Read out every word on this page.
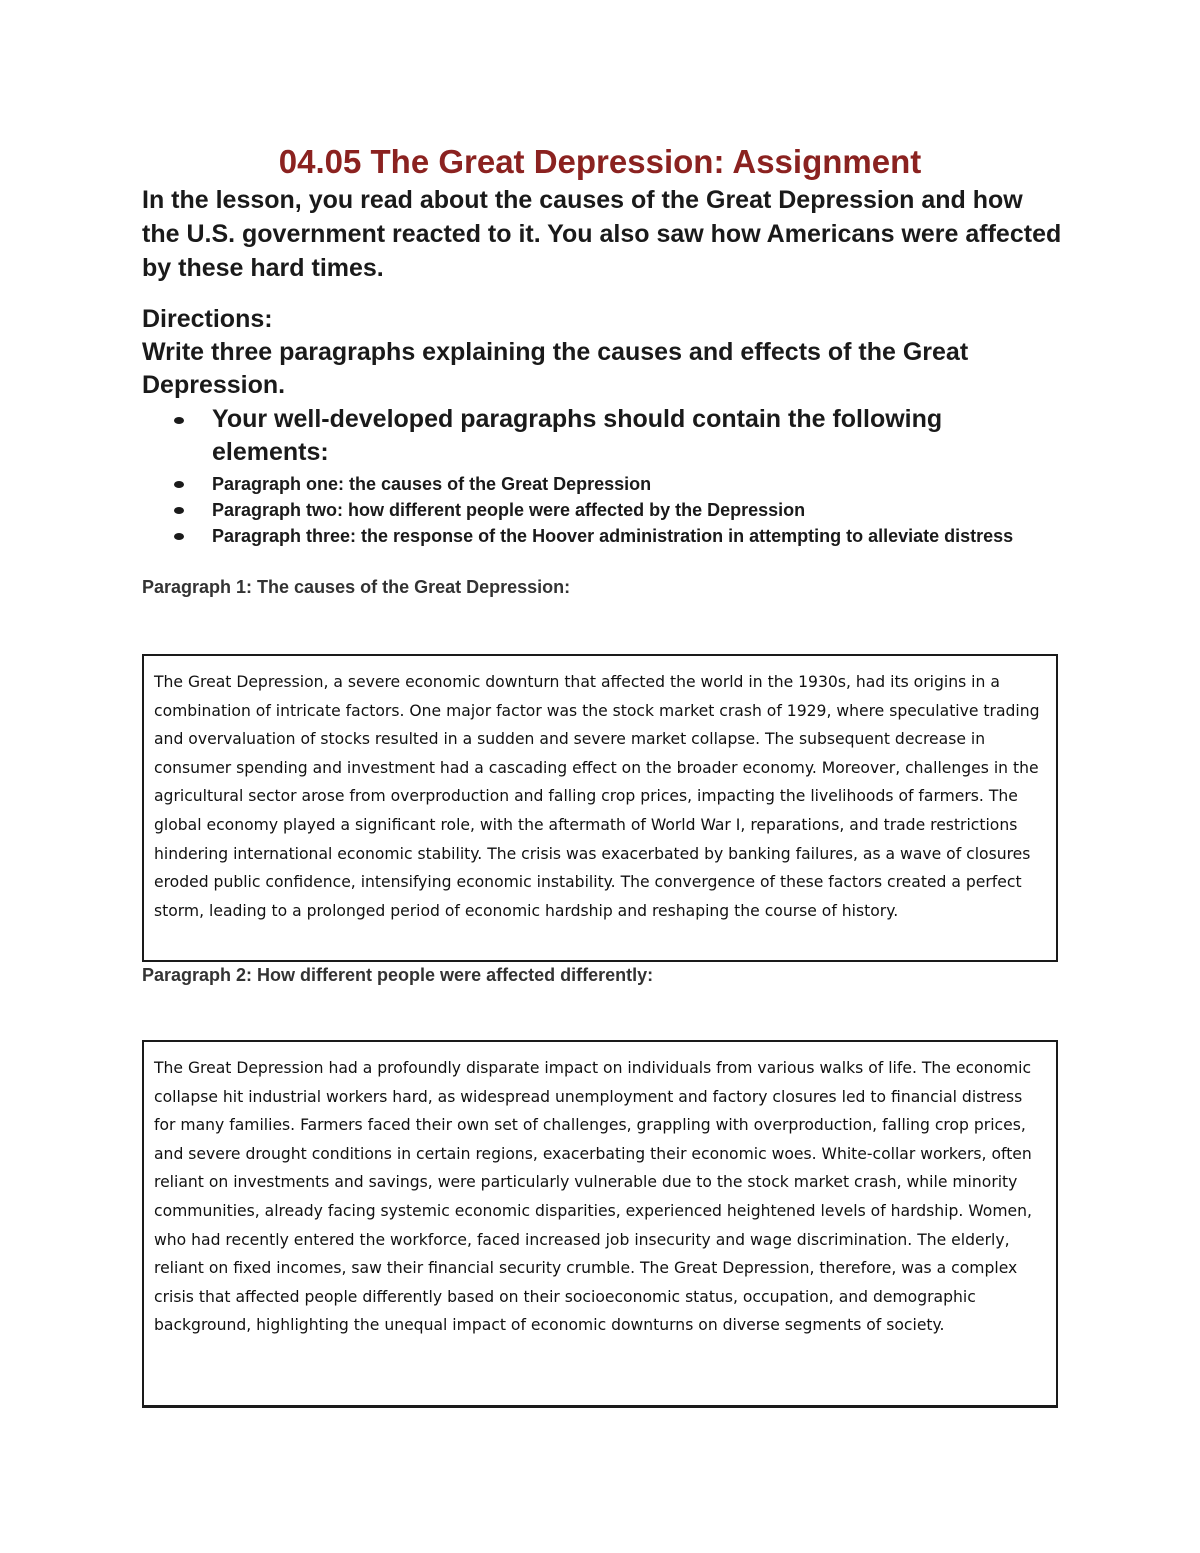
04.05 The Great Depression: Assignment

In the lesson, you read about the causes of the Great Depression and how the U.S. government reacted to it. You also saw how Americans were affected by these hard times.

Directions:

Write three paragraphs explaining the causes and effects of the Great Depression.

Your well-developed paragraphs should contain the following elements:
Paragraph one: the causes of the Great Depression
Paragraph two: how different people were affected by the Depression
Paragraph three: the response of the Hoover administration in attempting to alleviate distress

Paragraph 1: The causes of the Great Depression:

The Great Depression, a severe economic downturn that affected the world in the 1930s, had its origins in a combination of intricate factors. One major factor was the stock market crash of 1929, where speculative trading and overvaluation of stocks resulted in a sudden and severe market collapse. The subsequent decrease in consumer spending and investment had a cascading effect on the broader economy. Moreover, challenges in the agricultural sector arose from overproduction and falling crop prices, impacting the livelihoods of farmers. The global economy played a significant role, with the aftermath of World War I, reparations, and trade restrictions hindering international economic stability. The crisis was exacerbated by banking failures, as a wave of closures eroded public confidence, intensifying economic instability. The convergence of these factors created a perfect storm, leading to a prolonged period of economic hardship and reshaping the course of history.

Paragraph 2: How different people were affected differently:

The Great Depression had a profoundly disparate impact on individuals from various walks of life. The economic collapse hit industrial workers hard, as widespread unemployment and factory closures led to financial distress for many families. Farmers faced their own set of challenges, grappling with overproduction, falling crop prices, and severe drought conditions in certain regions, exacerbating their economic woes. White-collar workers, often reliant on investments and savings, were particularly vulnerable due to the stock market crash, while minority communities, already facing systemic economic disparities, experienced heightened levels of hardship. Women, who had recently entered the workforce, faced increased job insecurity and wage discrimination. The elderly, reliant on fixed incomes, saw their financial security crumble. The Great Depression, therefore, was a complex crisis that affected people differently based on their socioeconomic status, occupation, and demographic background, highlighting the unequal impact of economic downturns on diverse segments of society.
